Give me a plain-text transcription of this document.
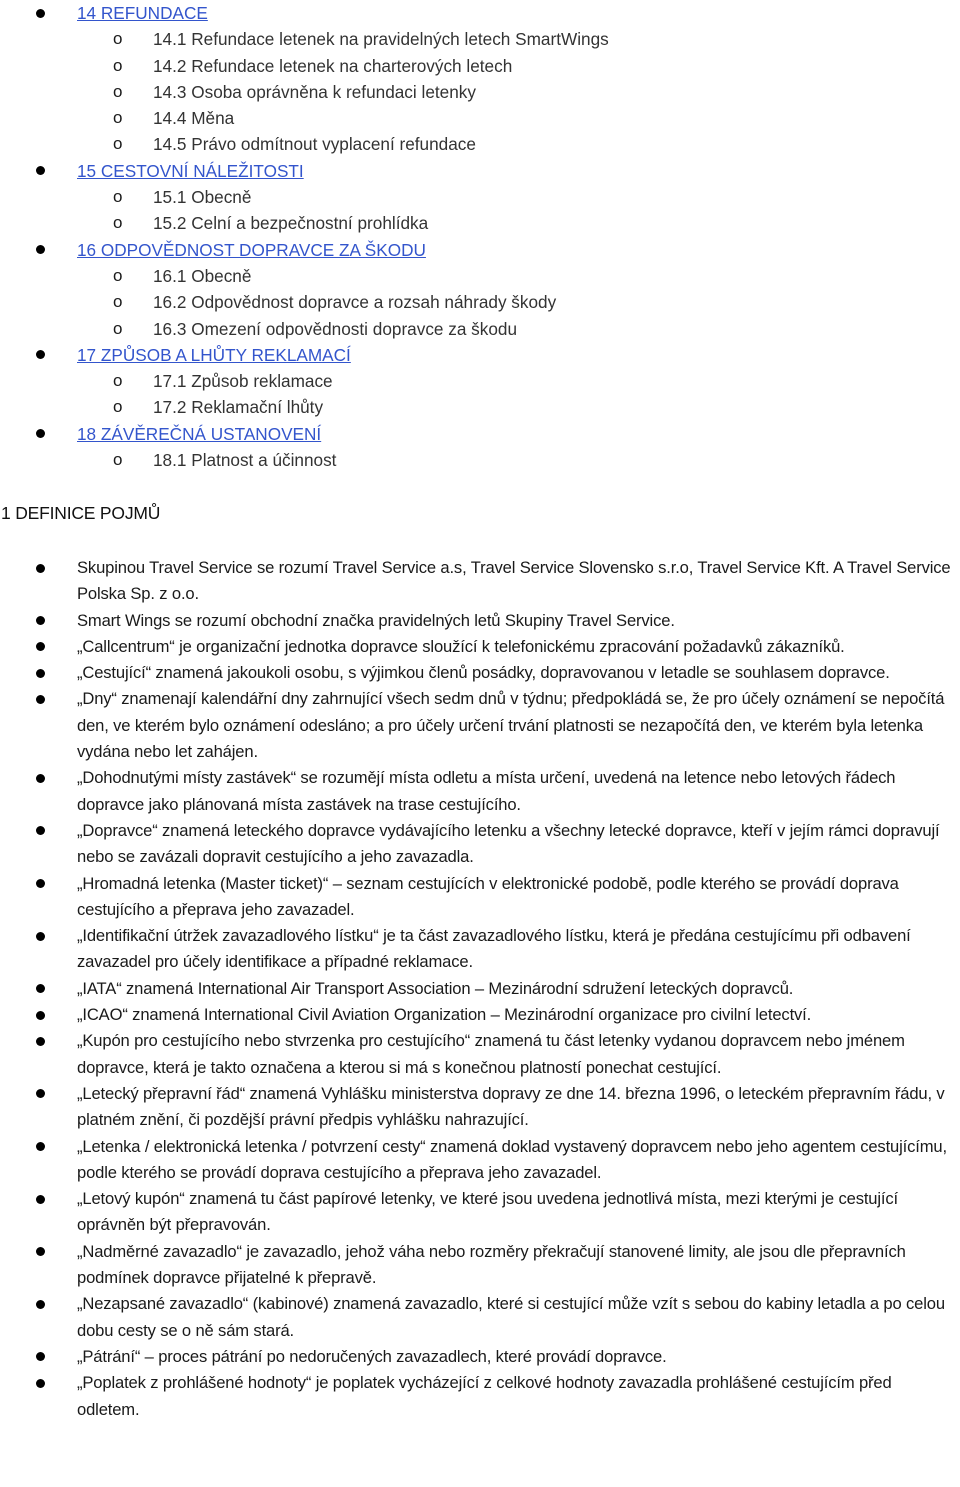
14 REFUNDACE
o 14.1 Refundace letenek na pravidelných letech SmartWings
o 14.2 Refundace letenek na charterových letech
o 14.3 Osoba oprávněna k refundaci letenky
o 14.4 Měna
o 14.5 Právo odmítnout vyplacení refundace
15 CESTOVNÍ NÁLEŽITOSTI
o 15.1 Obecně
o 15.2 Celní a bezpečnostní prohlídka
16 ODPOVĚDNOST DOPRAVCE ZA ŠKODU
o 16.1 Obecně
o 16.2 Odpovědnost dopravce a rozsah náhrady škody
o 16.3 Omezení odpovědnosti dopravce za škodu
17 ZPŮSOB A LHŮTY REKLAMACÍ
o 17.1 Způsob reklamace
o 17.2 Reklamační lhůty
18 ZÁVĚREČNÁ USTANOVENÍ
o 18.1 Platnost a účinnost
1 DEFINICE POJMŮ
Skupinou Travel Service se rozumí Travel Service a.s, Travel Service Slovensko s.r.o, Travel Service Kft. A Travel Service Polska Sp. z o.o.
Smart Wings se rozumí obchodní značka pravidelných letů Skupiny Travel Service.
„Callcentrum“ je organizační jednotka dopravce sloužící k telefonickému zpracování požadavků zákazníků.
„Cestující“ znamená jakoukoli osobu, s výjimkou členů posádky, dopravovanou v letadle se souhlasem dopravce.
„Dny“ znamenají kalendářní dny zahrnující všech sedm dnů v týdnu; předpokládá se, že pro účely oznámení se nepočítá den, ve kterém bylo oznámení odesláno; a pro účely určení trvání platnosti se nezapočítá den, ve kterém byla letenka vydána nebo let zahájen.
„Dohodnutými místy zastávek“ se rozumějí místa odletu a místa určení, uvedená na letence nebo letových řádech dopravce jako plánovaná místa zastávek na trase cestujícího.
„Dopravce“ znamená leteckého dopravce vydávajícího letenku a všechny letecké dopravce, kteří v jejím rámci dopravují nebo se zavázali dopravit cestujícího a jeho zavazadla.
„Hromadná letenka (Master ticket)“ – seznam cestujících v elektronické podobě, podle kterého se provádí doprava cestujícího a přeprava jeho zavazadel.
„Identifikační útržek zavazadlového lístku“ je ta část zavazadlového lístku, která je předána cestujícímu při odbavení zavazadel pro účely identifikace a případné reklamace.
„IATA“ znamená International Air Transport Association – Mezinárodní sdružení leteckých dopravců.
„ICAO“ znamená International Civil Aviation Organization – Mezinárodní organizace pro civilní letectví.
„Kupón pro cestujícího nebo stvrzenka pro cestujícího“ znamená tu část letenky vydanou dopravcem nebo jménem dopravce, která je takto označena a kterou si má s konečnou platností ponechat cestující.
„Letecký přepravní řád“ znamená Vyhlášku ministerstva dopravy ze dne 14. března 1996, o leteckém přepravním řádu, v platném znění, či pozdější právní předpis vyhlášku nahrazující.
„Letenka / elektronická letenka / potvrzení cesty“ znamená doklad vystavený dopravcem nebo jeho agentem cestujícímu, podle kterého se provádí doprava cestujícího a přeprava jeho zavazadel.
„Letový kupón“ znamená tu část papírové letenky, ve které jsou uvedena jednotlivá místa, mezi kterými je cestující oprávněn být přepravován.
„Nadměrné zavazadlo“ je zavazadlo, jehož váha nebo rozměry překračují stanovené limity, ale jsou dle přepravních podmínek dopravce přijatelné k přepravě.
„Nezapsané zavazadlo“ (kabinové) znamená zavazadlo, které si cestující může vzít s sebou do kabiny letadla a po celou dobu cesty se o ně sám stará.
„Pátrání“ – proces pátrání po nedoručených zavazadlech, které provádí dopravce.
„Poplatek z prohlášené hodnoty“ je poplatek vycházející z celkové hodnoty zavazadla prohlášené cestujícím před odletem.
